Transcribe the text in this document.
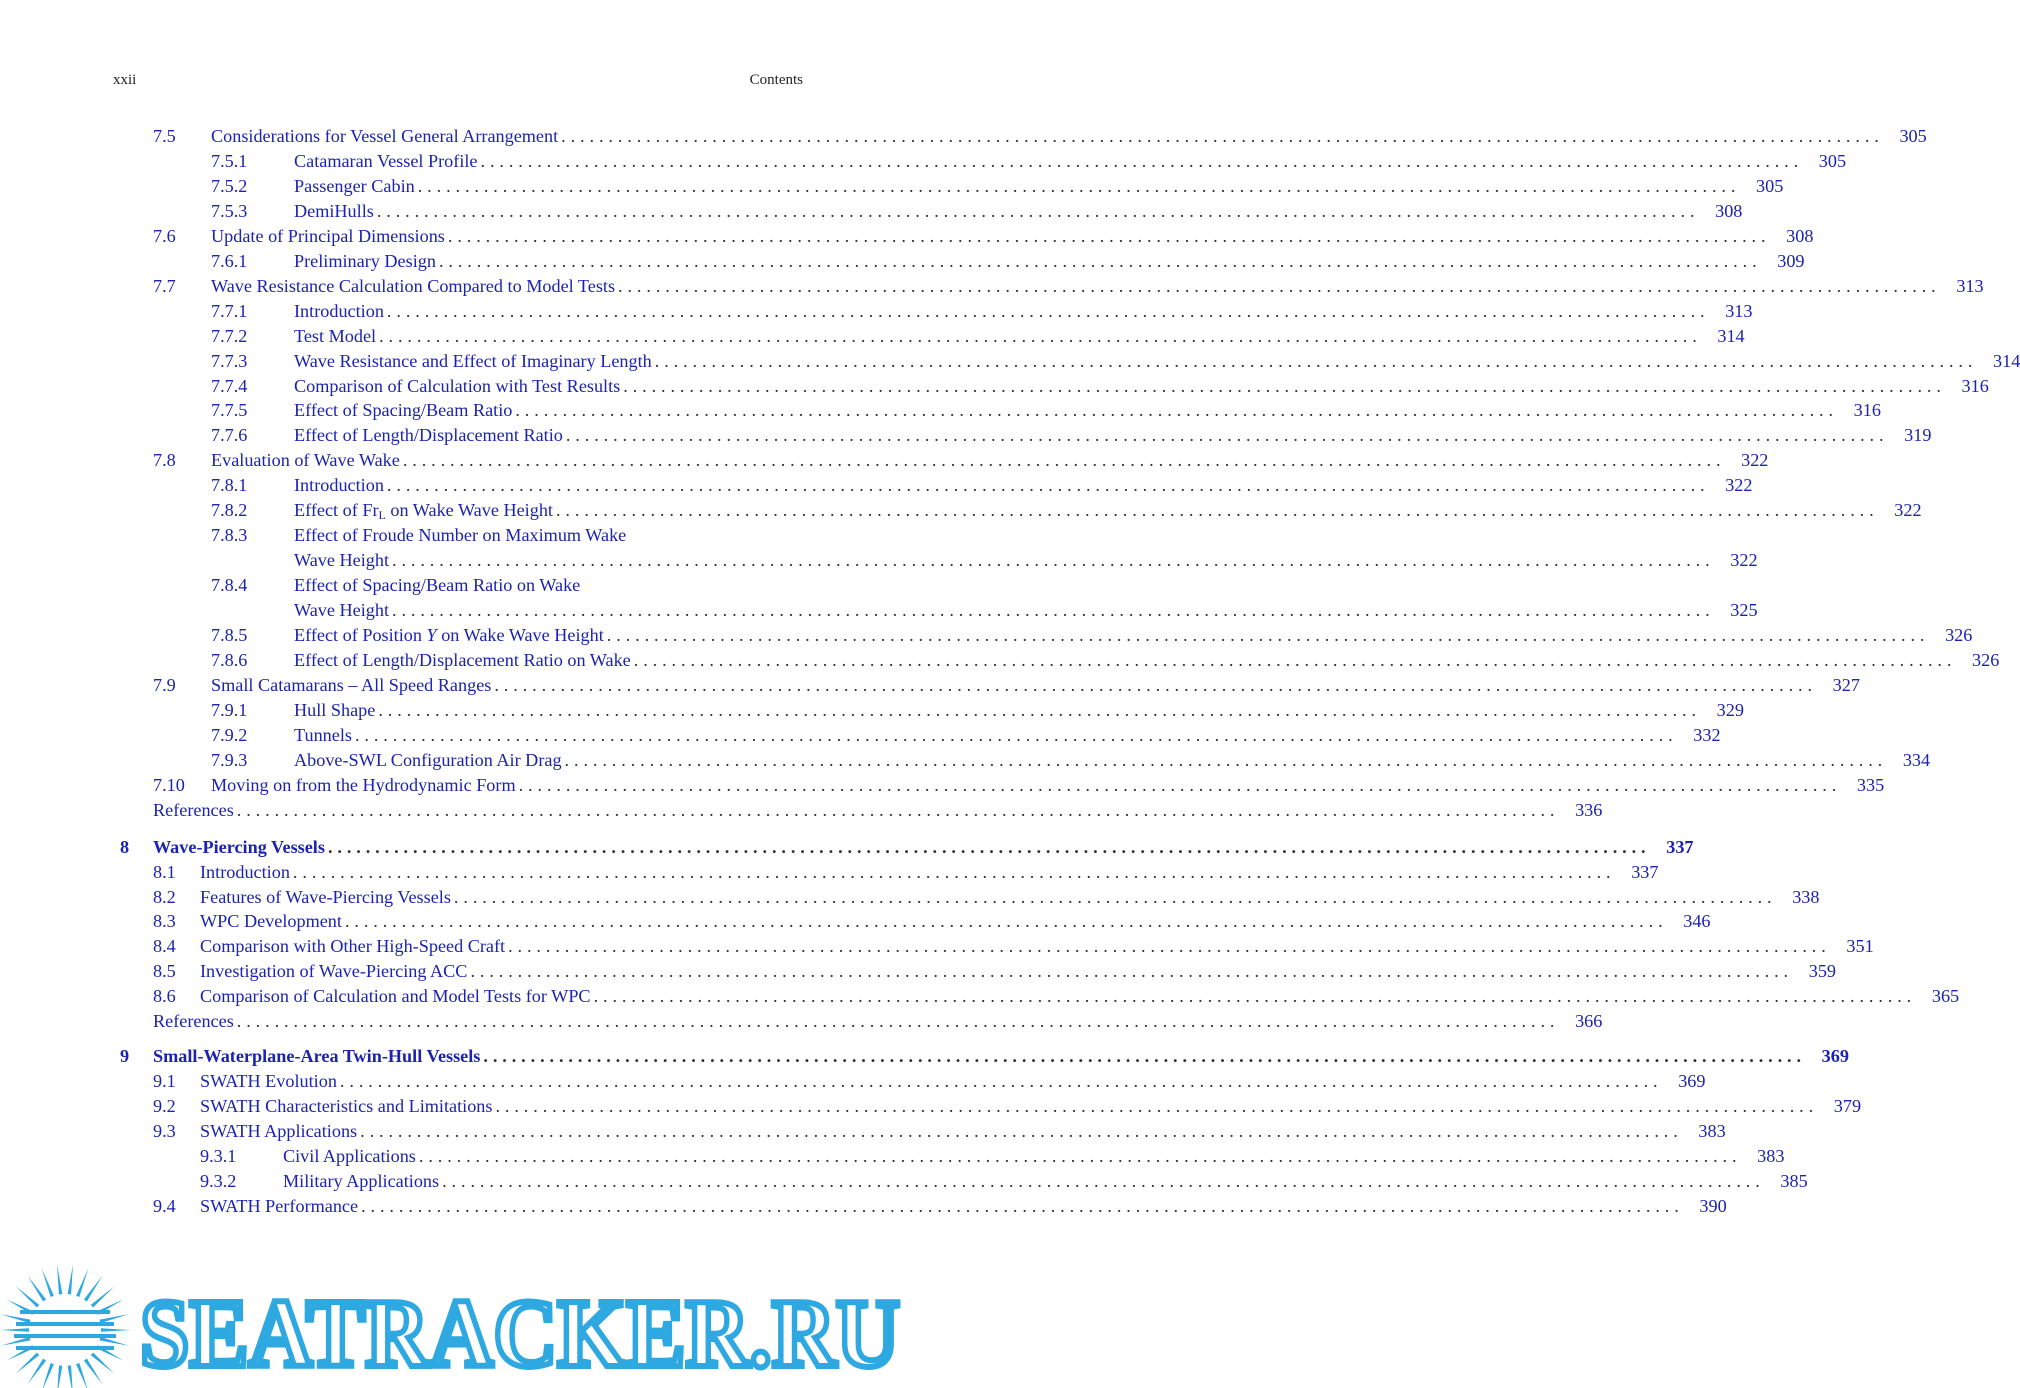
xxii	Contents
7.5 Considerations for Vessel General Arrangement ............................................................................................................................................ 305
7.5.1	Catamaran Vessel Profile ............................................................................................................................................ 305
7.5.2	Passenger Cabin ............................................................................................................................................ 305
7.5.3	DemiHulls ............................................................................................................................................ 308
7.6 Update of Principal Dimensions ............................................................................................................................................ 308
7.6.1	Preliminary Design ............................................................................................................................................ 309
7.7 Wave Resistance Calculation Compared to Model Tests ............................................................................................................................................ 313
7.7.1	Introduction ............................................................................................................................................ 313
7.7.2	Test Model ............................................................................................................................................ 314
7.7.3	Wave Resistance and Effect of Imaginary Length ............................................................................................................................................ 314
7.7.4	Comparison of Calculation with Test Results ............................................................................................................................................ 316
7.7.5	Effect of Spacing/Beam Ratio ............................................................................................................................................ 316
7.7.6	Effect of Length/Displacement Ratio ............................................................................................................................................ 319
7.8 Evaluation of Wave Wake ............................................................................................................................................ 322
7.8.1	Introduction ............................................................................................................................................ 322
7.8.2	Effect of $Fr_L$ on Wake Wave Height ............................................................................................................................................ 322
7.8.3	Effect of Froude Number on Maximum Wake
Wave Height ............................................................................................................................................ 322
7.8.4	Effect of Spacing/Beam Ratio on Wake
Wave Height ............................................................................................................................................ 325
7.8.5	Effect of Position Y on Wake Wave Height ............................................................................................................................................ 326
7.8.6	Effect of Length/Displacement Ratio on Wake ............................................................................................................................................ 326
7.9 Small Catamarans – All Speed Ranges ............................................................................................................................................ 327
7.9.1	Hull Shape ............................................................................................................................................ 329
7.9.2	Tunnels ............................................................................................................................................ 332
7.9.3	Above-SWL Configuration Air Drag ............................................................................................................................................ 334
7.10 Moving on from the Hydrodynamic Form ............................................................................................................................................ 335
References ............................................................................................................................................ 336
8 Wave-Piercing Vessels ............................................................................................................................................ 337
8.1 Introduction ............................................................................................................................................ 337
8.2 Features of Wave-Piercing Vessels ............................................................................................................................................ 338
8.3 WPC Development ............................................................................................................................................ 346
8.4 Comparison with Other High-Speed Craft ............................................................................................................................................ 351
8.5 Investigation of Wave-Piercing ACC ............................................................................................................................................ 359
8.6 Comparison of Calculation and Model Tests for WPC ............................................................................................................................................ 365
References ............................................................................................................................................ 366
9 Small-Waterplane-Area Twin-Hull Vessels ............................................................................................................................................ 369
9.1 SWATH Evolution ............................................................................................................................................ 369
9.2 SWATH Characteristics and Limitations ............................................................................................................................................ 379
9.3 SWATH Applications ............................................................................................................................................ 383
9.3.1	Civil Applications ............................................................................................................................................ 383
9.3.2	Military Applications ............................................................................................................................................ 385
9.4 SWATH Performance ............................................................................................................................................ 390
SEATRACKER.RU
